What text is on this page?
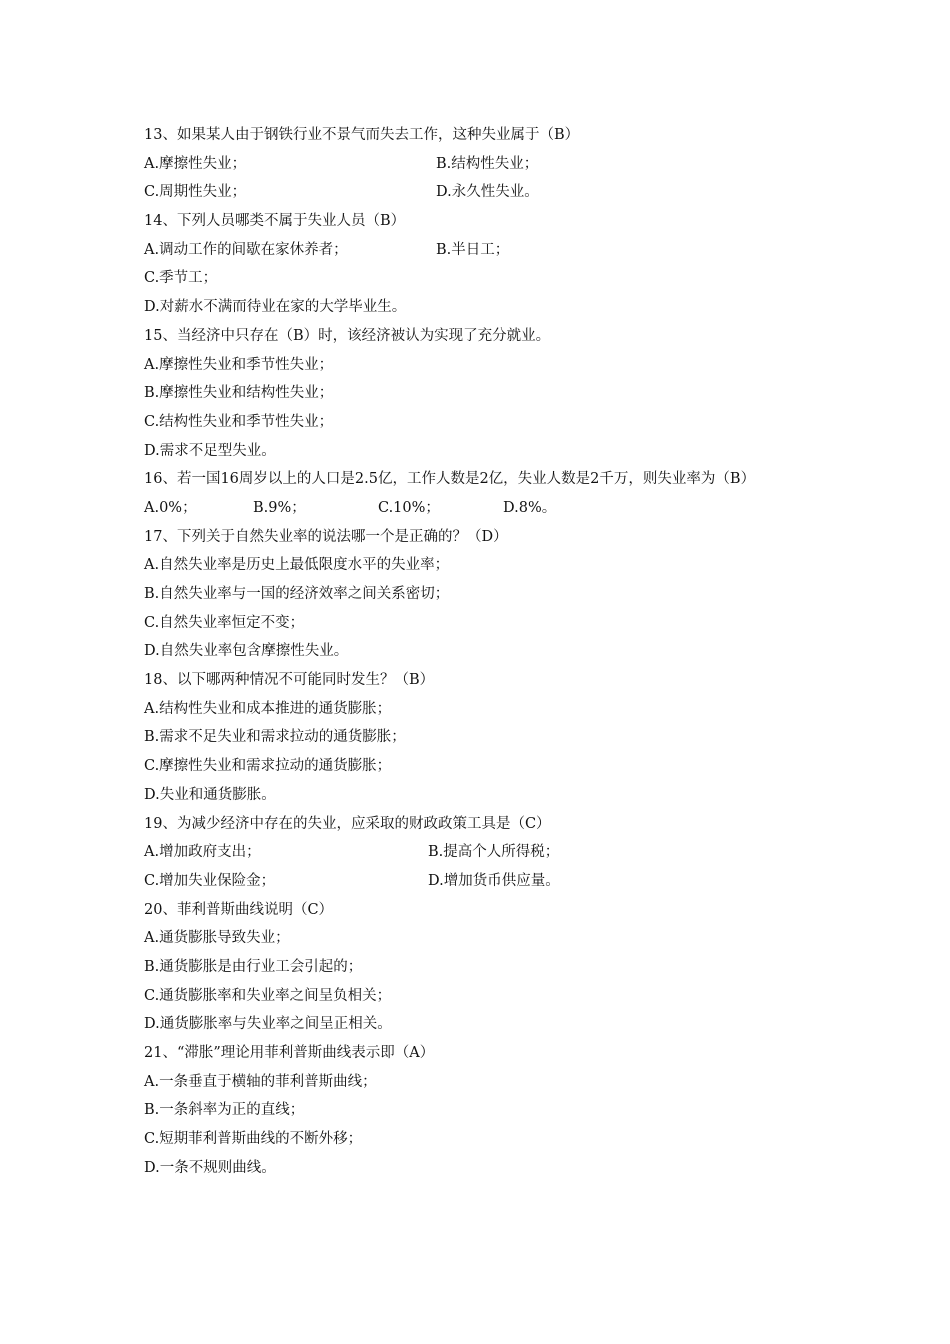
13、如果某人由于钢铁行业不景气而失去工作，这种失业属于（B）
A.摩擦性失业；	B.结构性失业；
C.周期性失业；	D.永久性失业。
14、下列人员哪类不属于失业人员（B）
A.调动工作的间歇在家休养者；	B.半日工；
C.季节工；
D.对薪水不满而待业在家的大学毕业生。
15、当经济中只存在（B）时，该经济被认为实现了充分就业。
A.摩擦性失业和季节性失业；
B.摩擦性失业和结构性失业；
C.结构性失业和季节性失业；
D.需求不足型失业。
16、若一国16周岁以上的人口是2.5亿，工作人数是2亿，失业人数是2千万，则失业率为（B）
A.0%；	B.9%；	C.10%；	D.8%。
17、下列关于自然失业率的说法哪一个是正确的？（D）
A.自然失业率是历史上最低限度水平的失业率；
B.自然失业率与一国的经济效率之间关系密切；
C.自然失业率恒定不变；
D.自然失业率包含摩擦性失业。
18、以下哪两种情况不可能同时发生？（B）
A.结构性失业和成本推进的通货膨胀；
B.需求不足失业和需求拉动的通货膨胀；
C.摩擦性失业和需求拉动的通货膨胀；
D.失业和通货膨胀。
19、为减少经济中存在的失业，应采取的财政政策工具是（C）
A.增加政府支出；	B.提高个人所得税；
C.增加失业保险金；	D.增加货币供应量。
20、菲利普斯曲线说明（C）
A.通货膨胀导致失业；
B.通货膨胀是由行业工会引起的；
C.通货膨胀率和失业率之间呈负相关；
D.通货膨胀率与失业率之间呈正相关。
21、“滞胀”理论用菲利普斯曲线表示即（A）
A.一条垂直于横轴的菲利普斯曲线；
B.一条斜率为正的直线；
C.短期菲利普斯曲线的不断外移；
D.一条不规则曲线。
